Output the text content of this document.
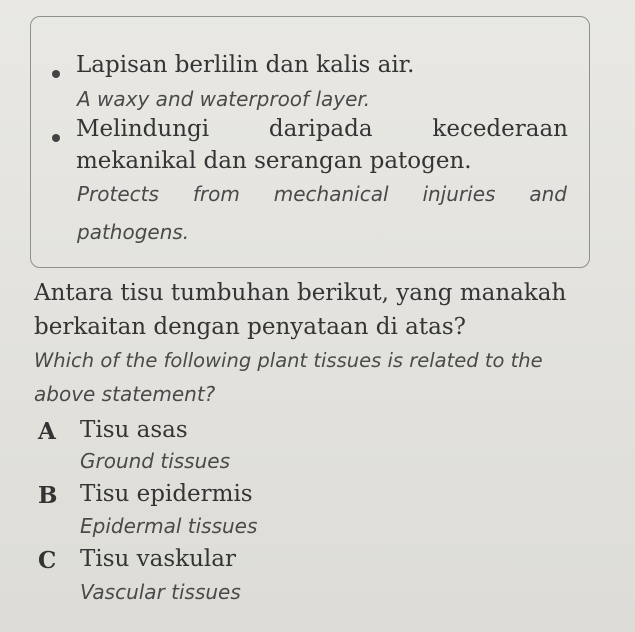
Lapisan berlilin dan kalis air.
A waxy and waterproof layer.
Melindungi	daripada	kecederaan
mekanikal dan serangan patogen.
Protects from mechanical injuries and
pathogens.
Antara tisu tumbuhan berikut, yang manakah
berkaitan dengan penyataan di atas?
Which of the following plant tissues is related to the
above statement?
A Tisu asas
Ground tissues
B Tisu epidermis
Epidermal tissues
C Tisu vaskular
Vascular tissues
